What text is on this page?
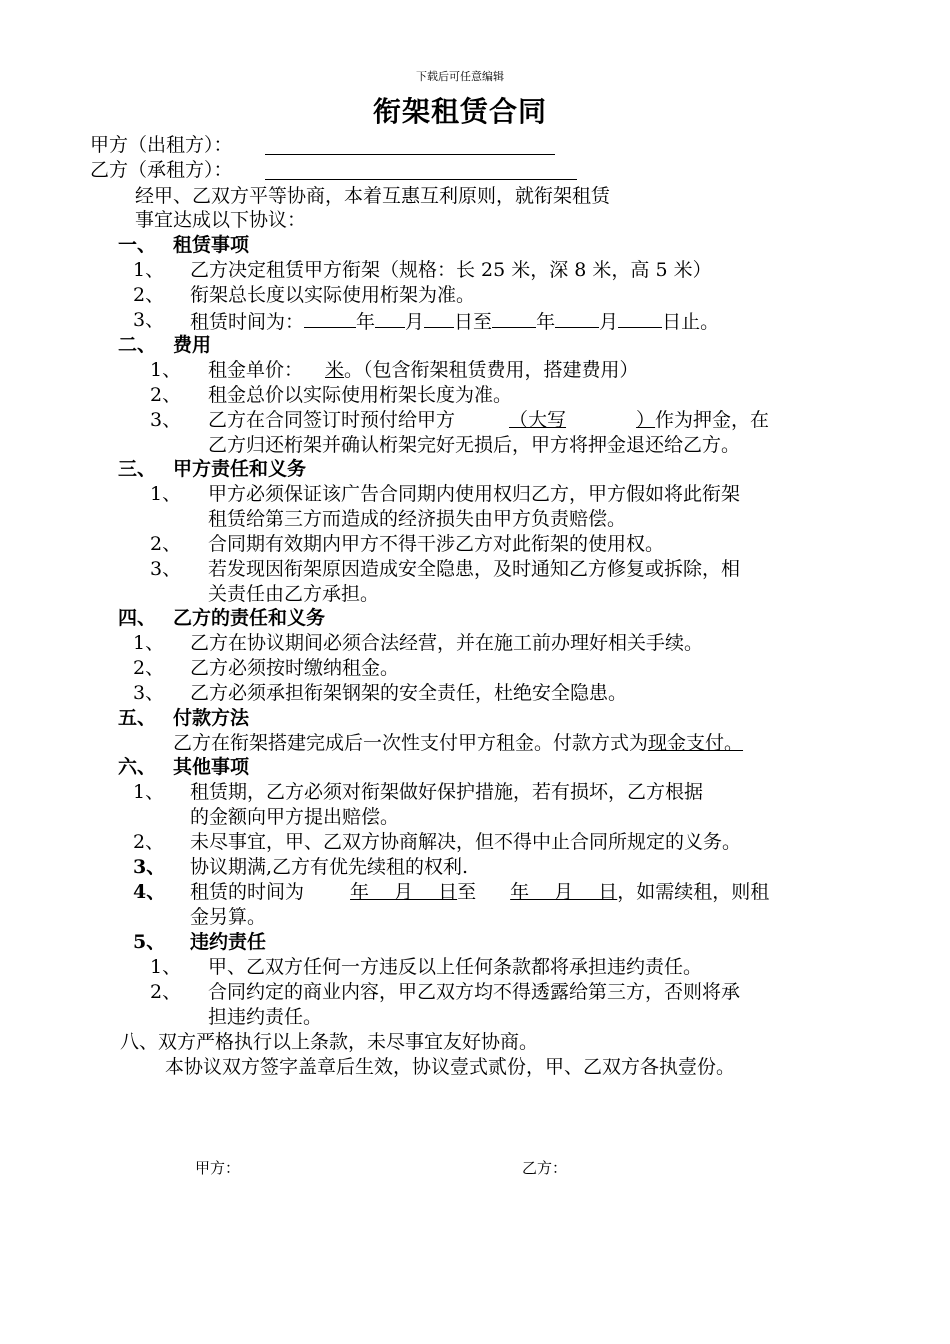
下载后可任意编辑
衔架租赁合同
甲方（出租方）：
乙方（承租方）：
经甲、乙双方平等协商，本着互惠互利原则，就衔架租赁
事宜达成以下协议：
一、 租赁事项
1、 乙方决定租赁甲方衔架（规格：长 25 米，深 8 米，高 5 米）
2、 衔架总长度以实际使用桁架为准。
3、 租赁时间为：	年 月 日至 年 月 日止。
二、 费用
1、 租金单价： 米。（包含衔架租赁费用，搭建费用）
2、 租金总价以实际使用桁架长度为准。
3、 乙方在合同签订时预付给甲方	（大写	）作为押金，在
乙方归还桁架并确认桁架完好无损后，甲方将押金退还给乙方。
三、 甲方责任和义务
1、 甲方必须保证该广告合同期内使用权归乙方，甲方假如将此衔架
租赁给第三方而造成的经济损失由甲方负责赔偿。
2、 合同期有效期内甲方不得干涉乙方对此衔架的使用权。
3、 若发现因衔架原因造成安全隐患，及时通知乙方修复或拆除，相
关责任由乙方承担。
四、 乙方的责任和义务
1、 乙方在协议期间必须合法经营，并在施工前办理好相关手续。
2、 乙方必须按时缴纳租金。
3、 乙方必须承担衔架钢架的安全责任，杜绝安全隐患。
五、 付款方法
乙方在衔架搭建完成后一次性支付甲方租金。付款方式为现金支付。
六、 其他事项
1、 租赁期，乙方必须对衔架做好保护措施，若有损坏，乙方根据
的金额向甲方提出赔偿。
2、 未尽事宜，甲、乙双方协商解决，但不得中止合同所规定的义务。
3、 协议期满,乙方有优先续租的权利.
4、 租赁的时间为 年　 月　 日至 年　 月　 日，如需续租，则租
金另算。
5、 违约责任
1、 甲、乙双方任何一方违反以上任何条款都将承担违约责任。
2、 合同约定的商业内容，甲乙双方均不得透露给第三方，否则将承
担违约责任。
八、双方严格执行以上条款，未尽事宜友好协商。
本协议双方签字盖章后生效，协议壹式贰份，甲、乙双方各执壹份。
甲方：	乙方：
